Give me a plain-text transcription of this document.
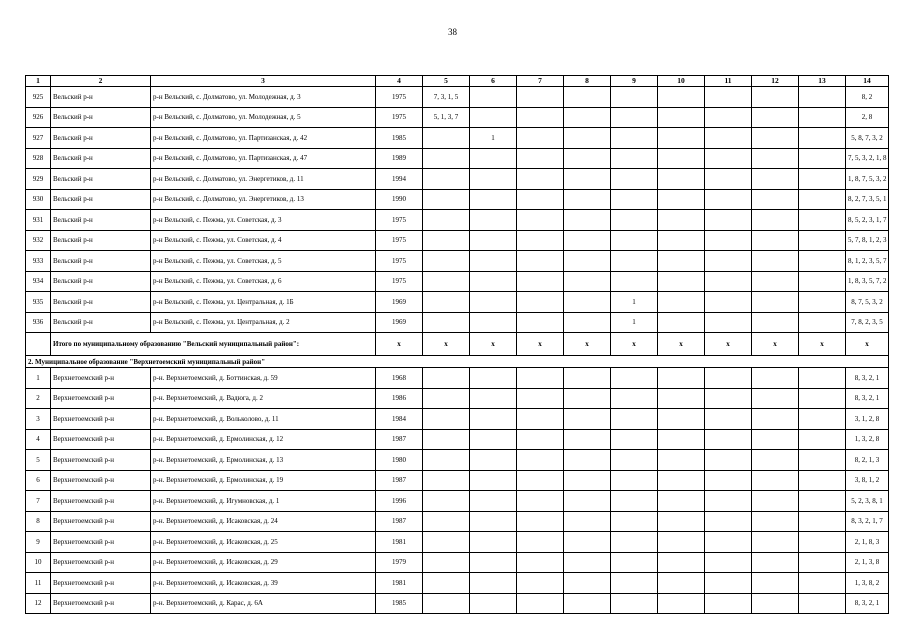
38
1	2	3	4	5	6	7	8	9	10	11	12	13	14
925	Вельский р-н	р-н Вельский, с. Долматово, ул. Молодежная, д. 3	1975	7, 3, 1, 5									8, 2
926	Вельский р-н	р-н Вельский, с. Долматово, ул. Молодежная, д. 5	1975	5, 1, 3, 7									2, 8
927	Вельский р-н	р-н Вельский, с. Долматово, ул. Партизанская, д. 42	1985		1								5, 8, 7, 3, 2
928	Вельский р-н	р-н Вельский, с. Долматово, ул. Партизанская, д. 47	1989										7, 5, 3, 2, 1, 8
929	Вельский р-н	р-н Вельский, с. Долматово, ул. Энергетиков, д. 11	1994										1, 8, 7, 5, 3, 2
930	Вельский р-н	р-н Вельский, с. Долматово, ул. Энергетиков, д. 13	1990										8, 2, 7, 3, 5, 1
931	Вельский р-н	р-н Вельский, с. Пежма, ул. Советская, д. 3	1975										8, 5, 2, 3, 1, 7
932	Вельский р-н	р-н Вельский, с. Пежма, ул. Советская, д. 4	1975										5, 7, 8, 1, 2, 3
933	Вельский р-н	р-н Вельский, с. Пежма, ул. Советская, д. 5	1975										8, 1, 2, 3, 5, 7
934	Вельский р-н	р-н Вельский, с. Пежма, ул. Советская, д. 6	1975										1, 8, 3, 5, 7, 2
935	Вельский р-н	р-н Вельский, с. Пежма, ул. Центральная, д. 1Б	1969					1					8, 7, 5, 3, 2
936	Вельский р-н	р-н Вельский, с. Пежма, ул. Центральная, д. 2	1969					1					7, 8, 2, 3, 5
	Итого по муниципальному образованию "Вельский муниципальный район":		x	x	x	x	x	x	x	x	x	x	x
2. Муниципальное образование "Верхнетоемский муниципальный район"													
1	Верхнетоемский р-н	р-н. Верхнетоемский, д. Боттинская, д. 59	1968										8, 3, 2, 1
2	Верхнетоемский р-н	р-н. Верхнетоемский, д. Вадюга, д. 2	1986										8, 3, 2, 1
3	Верхнетоемский р-н	р-н. Верхнетоемский, д. Вольколово, д. 11	1984										3, 1, 2, 8
4	Верхнетоемский р-н	р-н. Верхнетоемский, д. Ермолинская, д. 12	1987										1, 3, 2, 8
5	Верхнетоемский р-н	р-н. Верхнетоемский, д. Ермолинская, д. 13	1980										8, 2, 1, 3
6	Верхнетоемский р-н	р-н. Верхнетоемский, д. Ермолинская, д. 19	1987										3, 8, 1, 2
7	Верхнетоемский р-н	р-н. Верхнетоемский, д. Игумновская, д. 1	1996										5, 2, 3, 8, 1
8	Верхнетоемский р-н	р-н. Верхнетоемский, д. Исаковская, д. 24	1987										8, 3, 2, 1, 7
9	Верхнетоемский р-н	р-н. Верхнетоемский, д. Исаковская, д. 25	1981										2, 1, 8, 3
10	Верхнетоемский р-н	р-н. Верхнетоемский, д. Исаковская, д. 29	1979										2, 1, 3, 8
11	Верхнетоемский р-н	р-н. Верхнетоемский, д. Исаковская, д. 39	1981										1, 3, 8, 2
12	Верхнетоемский р-н	р-н. Верхнетоемский, д. Карас, д. 6А	1985										8, 3, 2, 1
